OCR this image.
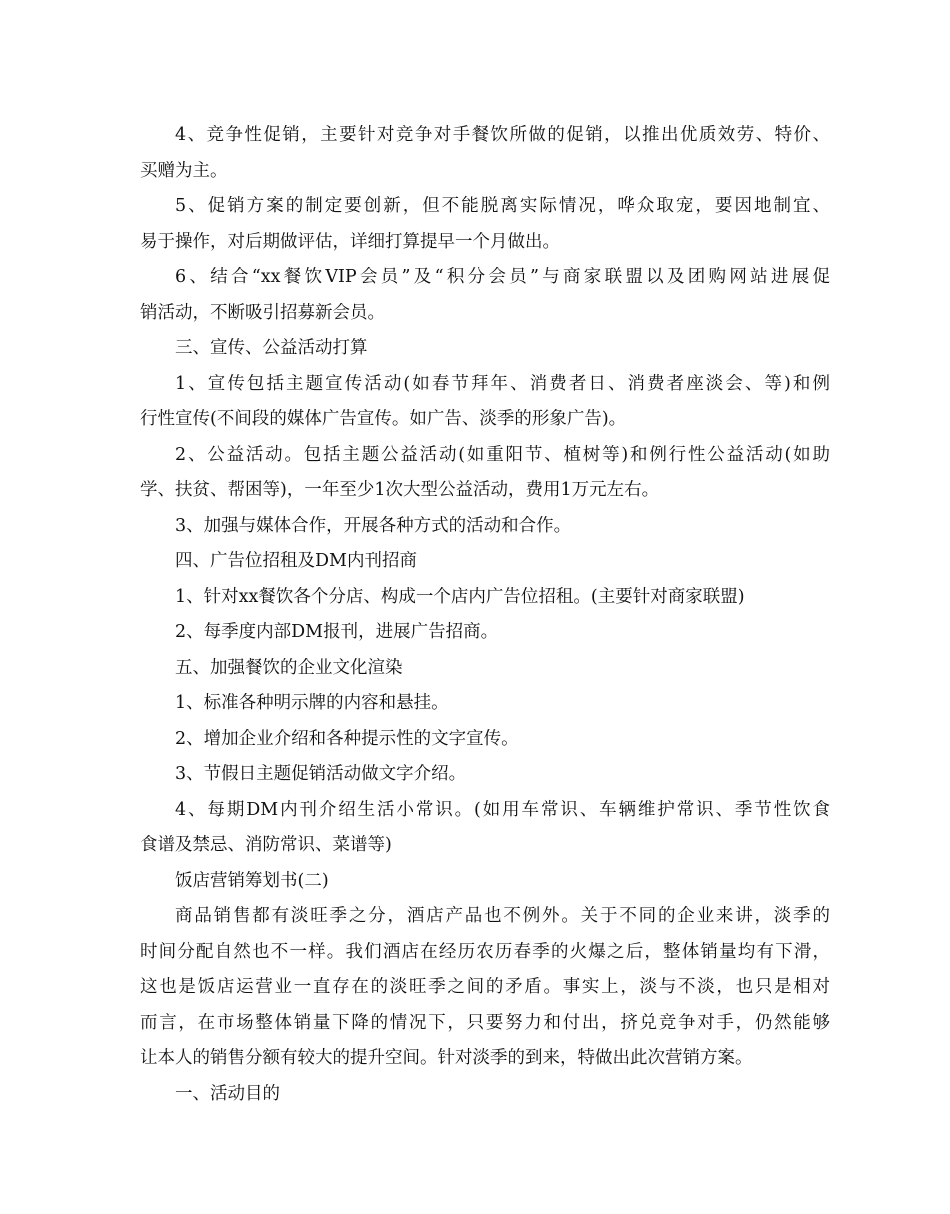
4、竞争性促销，主要针对竞争对手餐饮所做的促销，以推出优质效劳、特价、

买赠为主。

5、促销方案的制定要创新，但不能脱离实际情况，哗众取宠，要因地制宜、

易于操作，对后期做评估，详细打算提早一个月做出。

6、结合“xx餐饮VIP会员”及“积分会员”与商家联盟以及团购网站进展促

销活动，不断吸引招募新会员。

三、宣传、公益活动打算

1、宣传包括主题宣传活动(如春节拜年、消费者日、消费者座淡会、等)和例

行性宣传(不间段的媒体广告宣传。如广告、淡季的形象广告)。

2、公益活动。包括主题公益活动(如重阳节、植树等)和例行性公益活动(如助

学、扶贫、帮困等)，一年至少1次大型公益活动，费用1万元左右。

3、加强与媒体合作，开展各种方式的活动和合作。

四、广告位招租及DM内刊招商

1、针对xx餐饮各个分店、构成一个店内广告位招租。(主要针对商家联盟)

2、每季度内部DM报刊，进展广告招商。

五、加强餐饮的企业文化渲染

1、标准各种明示牌的内容和悬挂。

2、增加企业介绍和各种提示性的文字宣传。

3、节假日主题促销活动做文字介绍。

4、每期DM内刊介绍生活小常识。(如用车常识、车辆维护常识、季节性饮食

食谱及禁忌、消防常识、菜谱等)

饭店营销筹划书(二)

商品销售都有淡旺季之分，酒店产品也不例外。关于不同的企业来讲，淡季的

时间分配自然也不一样。我们酒店在经历农历春季的火爆之后，整体销量均有下滑，

这也是饭店运营业一直存在的淡旺季之间的矛盾。事实上，淡与不淡，也只是相对

而言，在市场整体销量下降的情况下，只要努力和付出，挤兑竞争对手，仍然能够

让本人的销售分额有较大的提升空间。针对淡季的到来，特做出此次营销方案。

一、活动目的
